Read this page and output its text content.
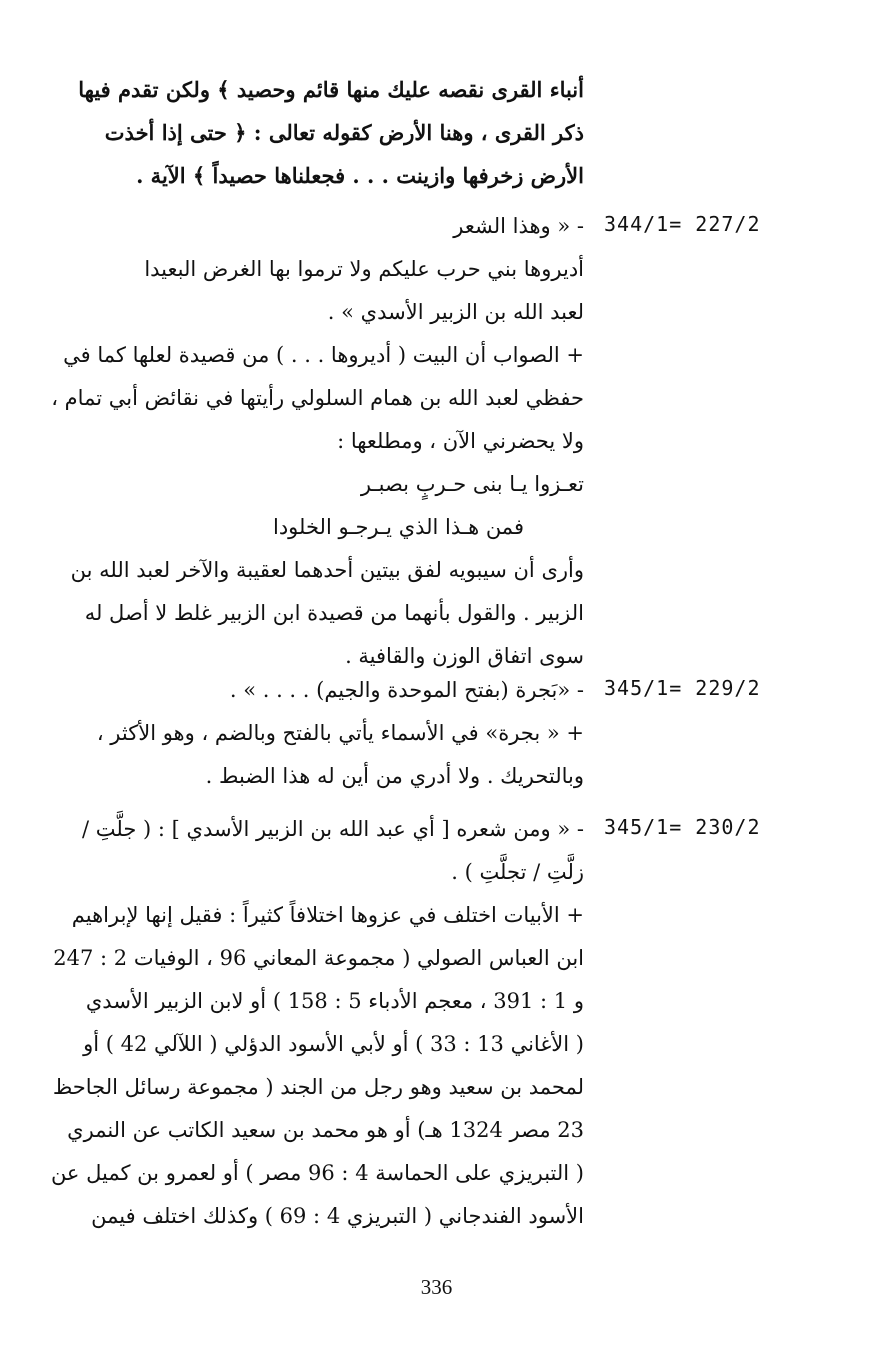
أنباء القرى نقصه عليك منها قائم وحصيد ﴾ ولكن تقدم فيها
ذكر القرى ، وهنا الأرض كقوله تعالى : ﴿ حتى إذا أخذت
الأرض زخرفها وازينت . . . فجعلناها حصيداً ﴾ الآية .
344/1= 227/2
- « وهذا الشعر
أديروها بني حرب عليكم ولا ترموا بها الغرض البعيدا
لعبد الله بن الزبير الأسدي » .
+ الصواب أن البيت ( أديروها . . . ) من قصيدة لعلها كما في
حفظي لعبد الله بن همام السلولي رأيتها في نقائض أبي تمام ،
ولا يحضرني الآن ، ومطلعها :
تعـزوا يـا بنى حـربٍ بصبـر
فمن هـذا الذي يـرجـو الخلودا
وأرى أن سيبويه لفق بيتين أحدهما لعقيبة والآخر لعبد الله بن
الزبير . والقول بأنهما من قصيدة ابن الزبير غلط لا أصل له
سوى اتفاق الوزن والقافية .
345/1= 229/2
- «بَجرة (بفتح الموحدة والجيم) . . . . » .
+ « بجرة» في الأسماء يأتي بالفتح وبالضم ، وهو الأكثر ،
وبالتحريك . ولا أدري من أين له هذا الضبط .
345/1= 230/2
- « ومن شعره [ أي عبد الله بن الزبير الأسدي ] : ( جلَّتِ /
زلَّتِ / تجلَّتِ ) .
+ الأبيات اختلف في عزوها اختلافاً كثيراً : فقيل إنها لإبراهيم
ابن العباس الصولي ( مجموعة المعاني 96 ، الوفيات 2 : 247
و 1 : 391 ، معجم الأدباء 5 : 158 ) أو لابن الزبير الأسدي
( الأغاني 13 : 33 ) أو لأبي الأسود الدؤلي ( اللآلي 42 ) أو
لمحمد بن سعيد وهو رجل من الجند ( مجموعة رسائل الجاحظ
23 مصر 1324 هـ) أو هو محمد بن سعيد الكاتب عن النمري
( التبريزي على الحماسة 4 : 96 مصر ) أو لعمرو بن كميل عن
الأسود الفندجاني ( التبريزي 4 : 69 ) وكذلك اختلف فيمن
336
